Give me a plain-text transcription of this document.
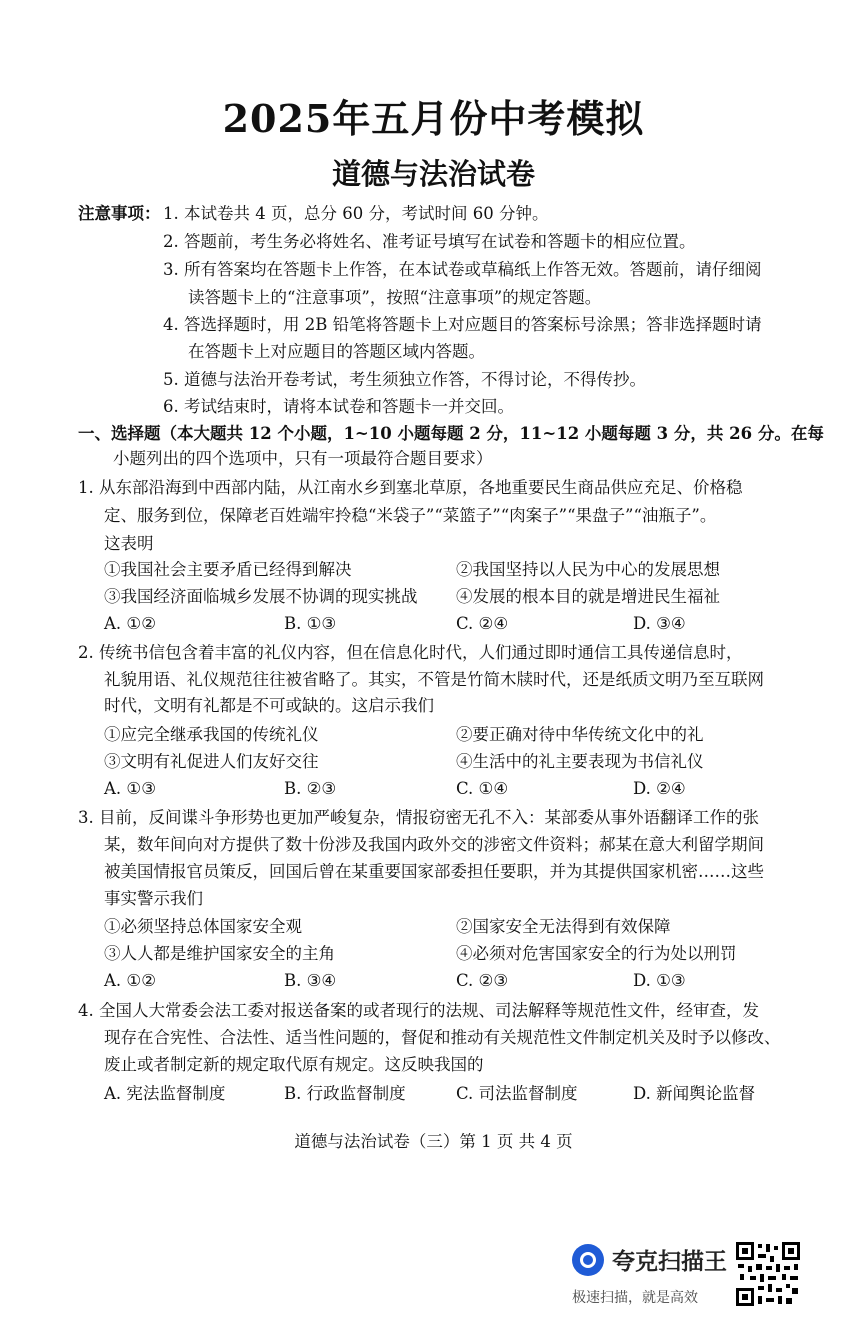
2025年五月份中考模拟
道德与法治试卷
注意事项： 1. 本试卷共 4 页，总分 60 分，考试时间 60 分钟。
2. 答题前，考生务必将姓名、准考证号填写在试卷和答题卡的相应位置。
3. 所有答案均在答题卡上作答，在本试卷或草稿纸上作答无效。答题前，请仔细阅
读答题卡上的“注意事项”，按照“注意事项”的规定答题。
4. 答选择题时，用 2B 铅笔将答题卡上对应题目的答案标号涂黑；答非选择题时请
在答题卡上对应题目的答题区域内答题。
5. 道德与法治开卷考试，考生须独立作答，不得讨论，不得传抄。
6. 考试结束时，请将本试卷和答题卡一并交回。
一、选择题（本大题共 12 个小题，1~10 小题每题 2 分，11~12 小题每题 3 分，共 26 分。在每
小题列出的四个选项中，只有一项最符合题目要求）
1. 从东部沿海到中西部内陆，从江南水乡到塞北草原，各地重要民生商品供应充足、价格稳
定、服务到位，保障老百姓端牢拎稳“米袋子”“菜篮子”“肉案子”“果盘子”“油瓶子”。
这表明
①我国社会主要矛盾已经得到解决	②我国坚持以人民为中心的发展思想
③我国经济面临城乡发展不协调的现实挑战 ④发展的根本目的就是增进民生福祉
A. ①②	B. ①③	C. ②④	D. ③④
2. 传统书信包含着丰富的礼仪内容，但在信息化时代，人们通过即时通信工具传递信息时，
礼貌用语、礼仪规范往往被省略了。其实，不管是竹简木牍时代，还是纸质文明乃至互联网
时代，文明有礼都是不可或缺的。这启示我们
①应完全继承我国的传统礼仪	②要正确对待中华传统文化中的礼
③文明有礼促进人们友好交往	④生活中的礼主要表现为书信礼仪
A. ①③	B. ②③	C. ①④	D. ②④
3. 目前，反间谍斗争形势也更加严峻复杂，情报窃密无孔不入：某部委从事外语翻译工作的张
某，数年间向对方提供了数十份涉及我国内政外交的涉密文件资料；郝某在意大利留学期间
被美国情报官员策反，回国后曾在某重要国家部委担任要职，并为其提供国家机密……这些
事实警示我们
①必须坚持总体国家安全观	②国家安全无法得到有效保障
③人人都是维护国家安全的主角	④必须对危害国家安全的行为处以刑罚
A. ①②	B. ③④	C. ②③	D. ①③
4. 全国人大常委会法工委对报送备案的或者现行的法规、司法解释等规范性文件，经审查，发
现存在合宪性、合法性、适当性问题的，督促和推动有关规范性文件制定机关及时予以修改、
废止或者制定新的规定取代原有规定。这反映我国的
A. 宪法监督制度	B. 行政监督制度	C. 司法监督制度	D. 新闻舆论监督
道德与法治试卷（三）第 1 页 共 4 页
夸克扫描王
极速扫描，就是高效
